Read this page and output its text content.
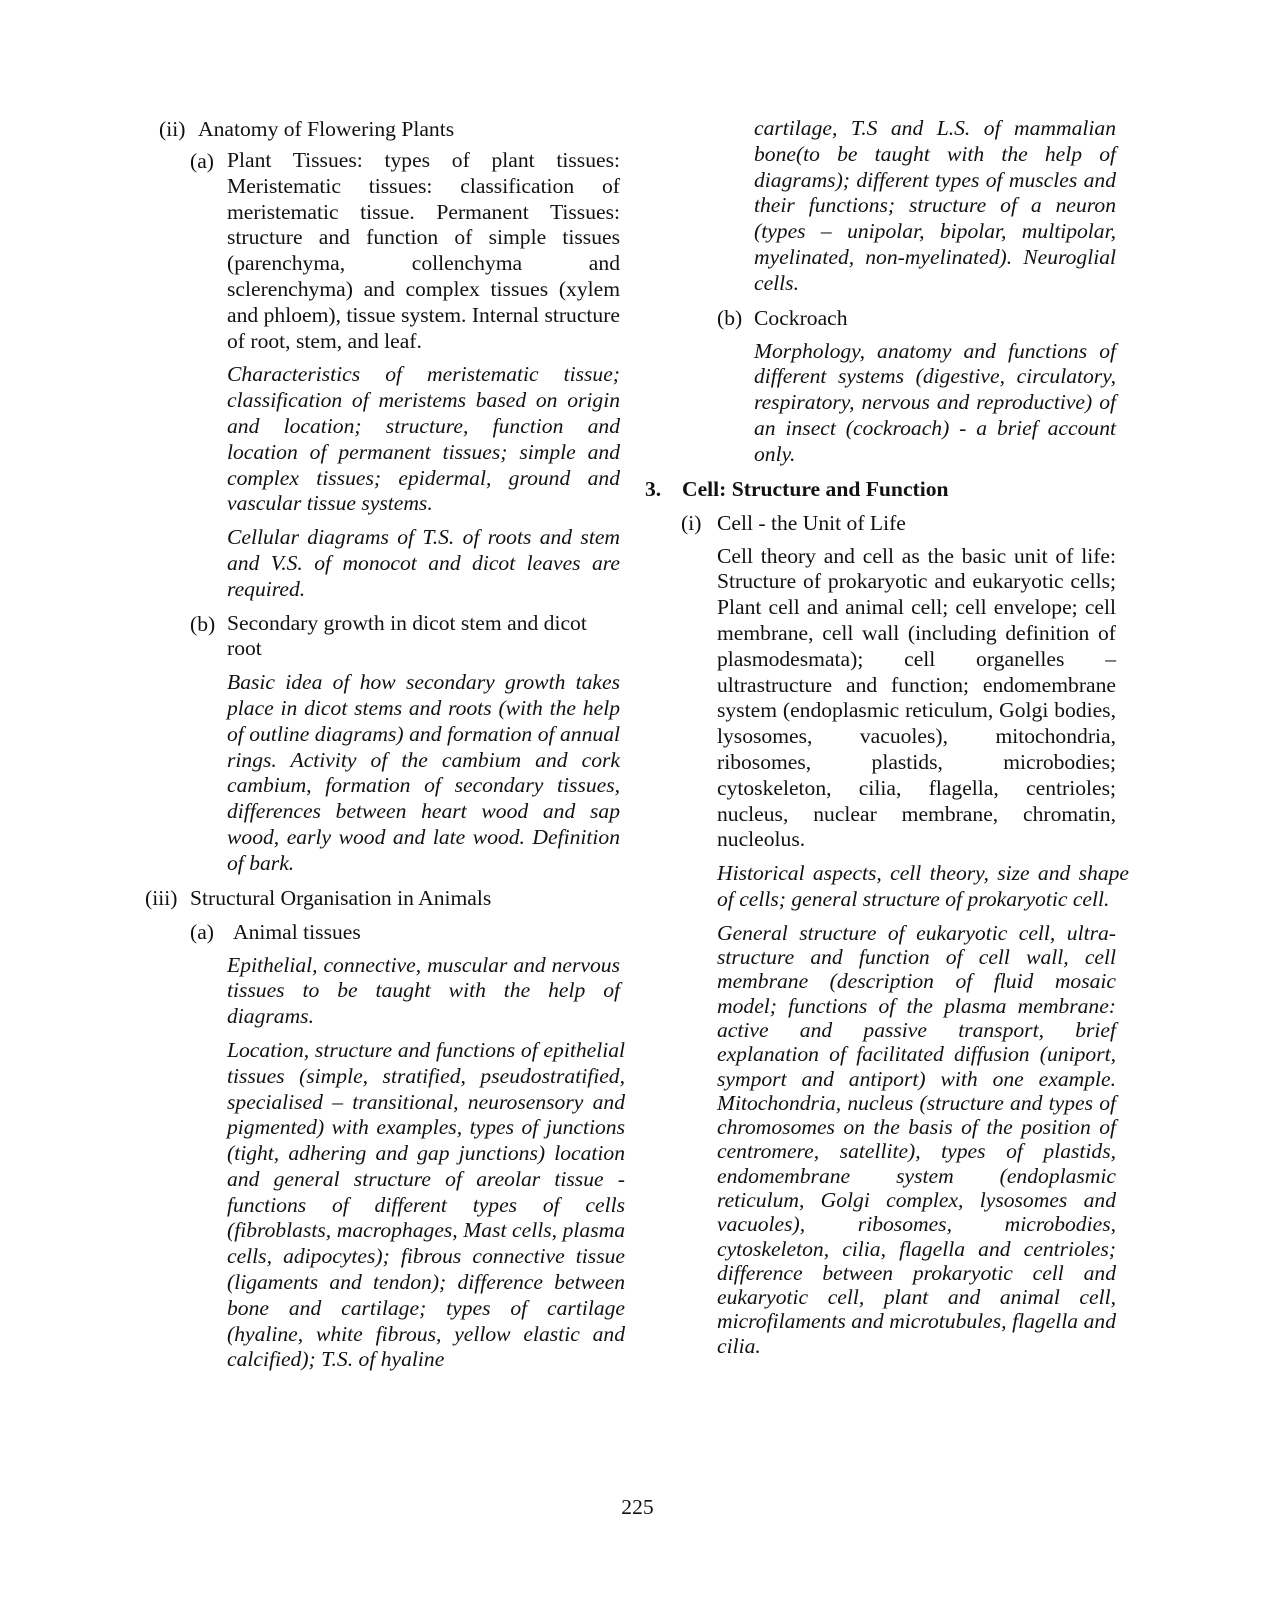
(ii) Anatomy of Flowering Plants
(a) Plant Tissues: types of plant tissues: Meristematic tissues: classification of meristematic tissue. Permanent Tissues: structure and function of simple tissues (parenchyma, collenchyma and sclerenchyma) and complex tissues (xylem and phloem), tissue system. Internal structure of root, stem, and leaf.

Characteristics of meristematic tissue; classification of meristems based on origin and location; structure, function and location of permanent tissues; simple and complex tissues; epidermal, ground and vascular tissue systems.

Cellular diagrams of T.S. of roots and stem and V.S. of monocot and dicot leaves are required.

(b) Secondary growth in dicot stem and dicot root

Basic idea of how secondary growth takes place in dicot stems and roots (with the help of outline diagrams) and formation of annual rings. Activity of the cambium and cork cambium, formation of secondary tissues, differences between heart wood and sap wood, early wood and late wood. Definition of bark.

(iii) Structural Organisation in Animals
(a) Animal tissues

Epithelial, connective, muscular and nervous tissues to be taught with the help of diagrams.

Location, structure and functions of epithelial tissues (simple, stratified, pseudostratified, specialised – transitional, neurosensory and pigmented) with examples, types of junctions (tight, adhering and gap junctions) location and general structure of areolar tissue - functions of different types of cells (fibroblasts, macrophages, Mast cells, plasma cells, adipocytes); fibrous connective tissue (ligaments and tendon); difference between bone and cartilage; types of cartilage (hyaline, white fibrous, yellow elastic and calcified); T.S. of hyaline

cartilage, T.S and L.S. of mammalian bone(to be taught with the help of diagrams); different types of muscles and their functions; structure of a neuron (types – unipolar, bipolar, multipolar, myelinated, non-myelinated). Neuroglial cells.

(b) Cockroach

Morphology, anatomy and functions of different systems (digestive, circulatory, respiratory, nervous and reproductive) of an insect (cockroach) - a brief account only.

3. Cell: Structure and Function
(i) Cell - the Unit of Life

Cell theory and cell as the basic unit of life: Structure of prokaryotic and eukaryotic cells; Plant cell and animal cell; cell envelope; cell membrane, cell wall (including definition of plasmodesmata); cell organelles – ultrastructure and function; endomembrane system (endoplasmic reticulum, Golgi bodies, lysosomes, vacuoles), mitochondria, ribosomes, plastids, microbodies; cytoskeleton, cilia, flagella, centrioles; nucleus, nuclear membrane, chromatin, nucleolus.

Historical aspects, cell theory, size and shape of cells; general structure of prokaryotic cell.

General structure of eukaryotic cell, ultra-structure and function of cell wall, cell membrane (description of fluid mosaic model; functions of the plasma membrane: active and passive transport, brief explanation of facilitated diffusion (uniport, symport and antiport) with one example. Mitochondria, nucleus (structure and types of chromosomes on the basis of the position of centromere, satellite), types of plastids, endomembrane system (endoplasmic reticulum, Golgi complex, lysosomes and vacuoles), ribosomes, microbodies, cytoskeleton, cilia, flagella and centrioles; difference between prokaryotic cell and eukaryotic cell, plant and animal cell, microfilaments and microtubules, flagella and cilia.

225
